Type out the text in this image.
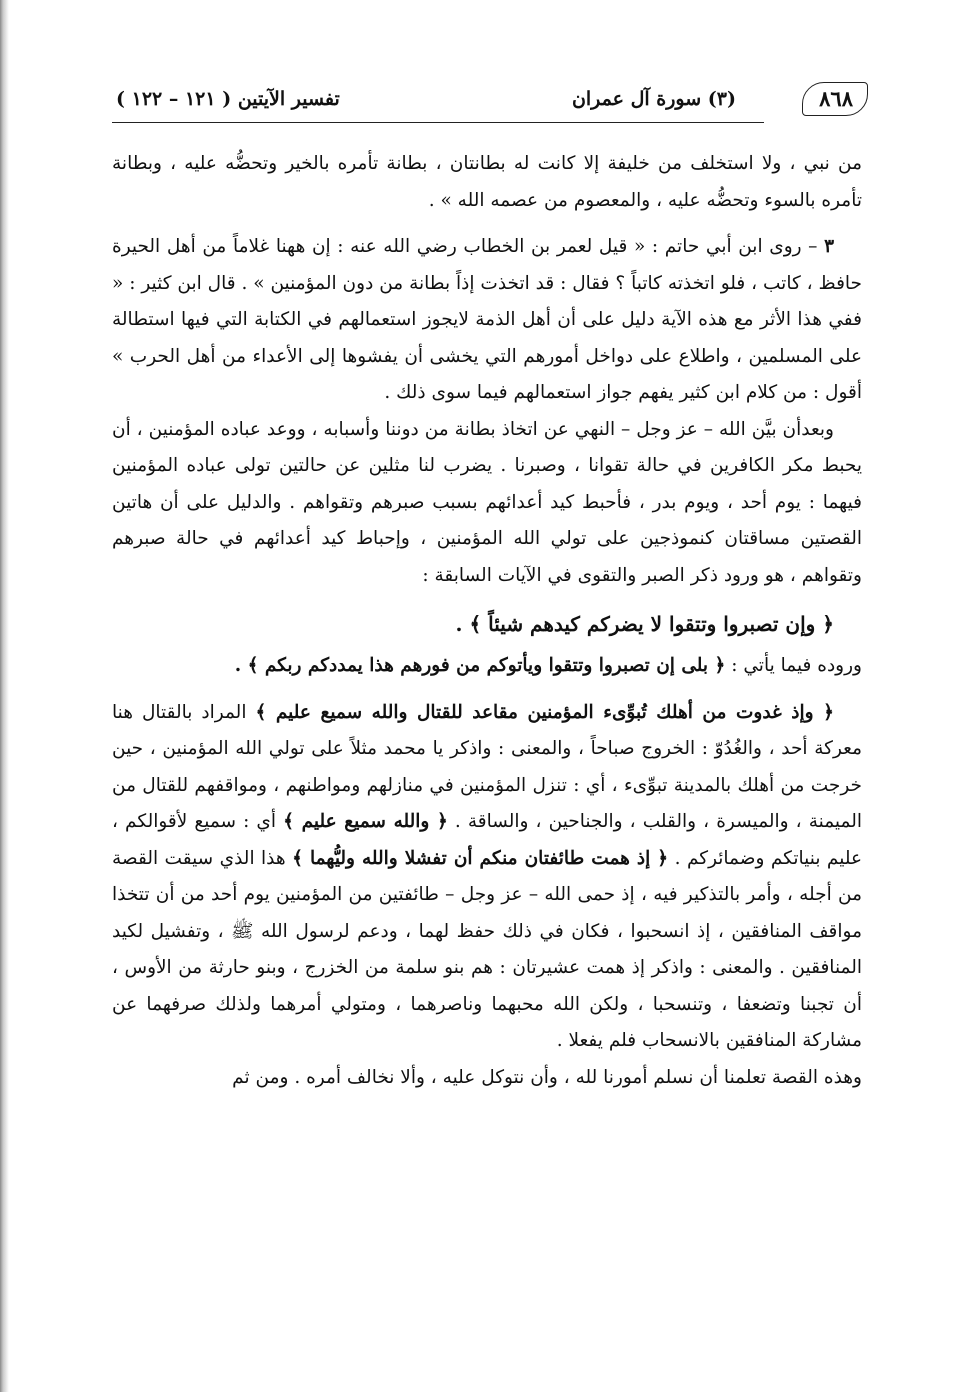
٨٦٨
(٣) سورة آل عمران
تفسير الآيتين ( ١٢١ – ١٢٢ )

من نبي ، ولا استخلف من خليفة إلا كانت له بطانتان ، بطانة تأمره بالخير وتحضُّه عليه ، وبطانة تأمره بالسوء وتحضُّه عليه ، والمعصوم من عصمه الله » .

٣ – روى ابن أبي حاتم : « قيل لعمر بن الخطاب رضي الله عنه : إن ههنا غلاماً من أهل الحيرة حافظ ، كاتب ، فلو اتخذته كاتباً ؟ فقال : قد اتخذت إذاً بطانة من دون المؤمنين » . قال ابن كثير : « ففي هذا الأثر مع هذه الآية دليل على أن أهل الذمة لايجوز استعمالهم في الكتابة التي فيها استطالة على المسلمين ، واطلاع على دواخل أمورهم التي يخشى أن يفشوها إلى الأعداء من أهل الحرب » أقول : من كلام ابن كثير يفهم جواز استعمالهم فيما سوى ذلك .

وبعدأن بيَّن الله – عز وجل – النهي عن اتخاذ بطانة من دوننا وأسبابه ، ووعد عباده المؤمنين ، أن يحبط مكر الكافرين في حالة تقوانا ، وصبرنا . يضرب لنا مثلين عن حالتين تولى عباده المؤمنين فيهما : يوم أحد ، ويوم بدر ، فأحبط كيد أعدائهم بسبب صبرهم وتقواهم . والدليل على أن هاتين القصتين مساقتان كنموذجين على تولي الله المؤمنين ، وإحباط كيد أعدائهم في حالة صبرهم وتقواهم ، هو ورود ذكر الصبر والتقوى في الآيات السابقة :

﴿ وإن تصبروا وتتقوا لا يضركم كيدهم شيئاً ﴾ .

وروده فيما يأتي : ﴿ بلى إن تصبروا وتتقوا ويأتوكم من فورهم هذا يمددكم ربكم ﴾ .

﴿ وإذ غدوت من أهلك تُبوِّىء المؤمنين مقاعد للقتال والله سميع عليم ﴾ المراد بالقتال هنا معركة أحد ، والغُدُوّ : الخروج صباحاً ، والمعنى : واذكر يا محمد مثلاً على تولي الله المؤمنين ، حين خرجت من أهلك بالمدينة تبوِّىء ، أي : تنزل المؤمنين في منازلهم ومواطنهم ، ومواقفهم للقتال من الميمنة ، والميسرة ، والقلب ، والجناحين ، والساقة . ﴿ والله سميع عليم ﴾ أي : سميع لأقوالكم ، عليم بنياتكم وضمائركم . ﴿ إذ همت طائفتان منكم أن تفشلا والله وليُّهما ﴾ هذا الذي سيقت القصة من أجله ، وأمر بالتذكير فيه ، إذ حمى الله – عز وجل – طائفتين من المؤمنين يوم أحد من أن تتخذا مواقف المنافقين ، إذ انسحبوا ، فكان في ذلك حفظ لهما ، ودعم لرسول الله ﷺ ، وتفشيل لكيد المنافقين . والمعنى : واذكر إذ همت عشيرتان : هم بنو سلمة من الخزرج ، وبنو حارثة من الأوس ، أن تجبنا وتضعفا ، وتنسحبا ، ولكن الله محبهما وناصرهما ، ومتولي أمرهما ولذلك صرفهما عن مشاركة المنافقين بالانسحاب فلم يفعلا .

وهذه القصة تعلمنا أن نسلم أمورنا لله ، وأن نتوكل عليه ، وألا نخالف أمره . ومن ثم
